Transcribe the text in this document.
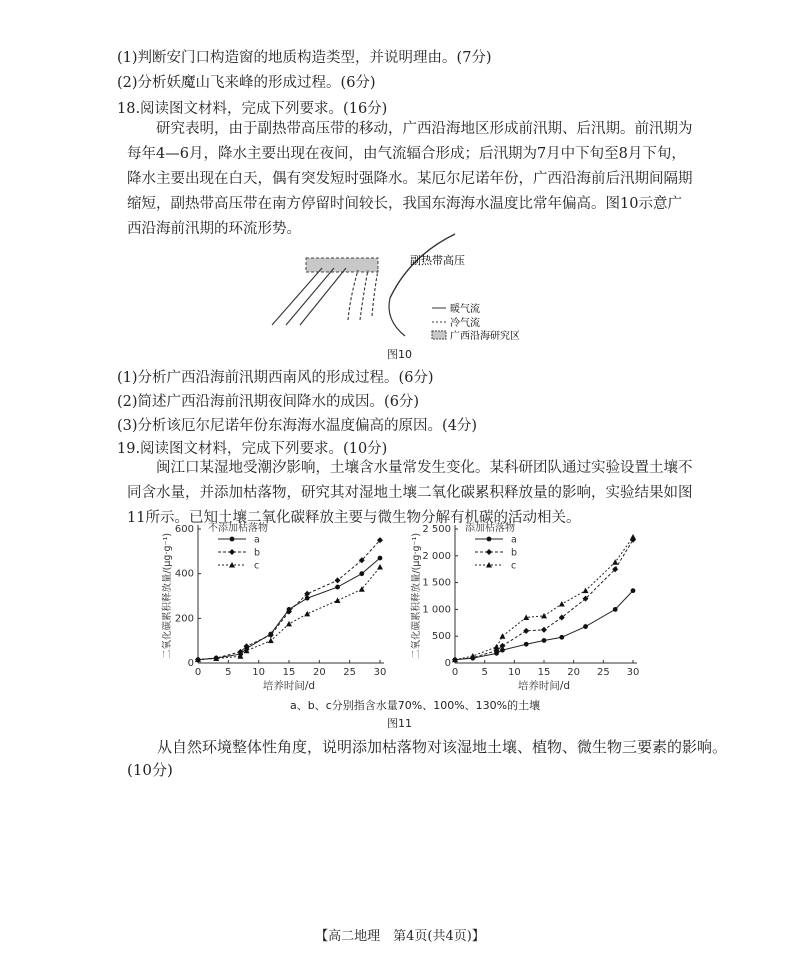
(1)判断安门口构造窗的地质构造类型，并说明理由。(7分)
(2)分析妖魔山飞来峰的形成过程。(6分)
18.阅读图文材料，完成下列要求。(16分)
研究表明，由于副热带高压带的移动，广西沿海地区形成前汛期、后汛期。前汛期为每年4—6月，降水主要出现在夜间，由气流辐合形成；后汛期为7月中下旬至8月下旬，降水主要出现在白天，偶有突发短时强降水。某厄尔尼诺年份，广西沿海前后汛期间隔期缩短，副热带高压带在南方停留时间较长，我国东海海水温度比常年偏高。图10示意广西沿海前汛期的环流形势。
副热带高压
暖气流
冷气流
广西沿海研究区
图10
(1)分析广西沿海前汛期西南风的形成过程。(6分)
(2)简述广西沿海前汛期夜间降水的成因。(6分)
(3)分析该厄尔尼诺年份东海海水温度偏高的原因。(4分)
19.阅读图文材料，完成下列要求。(10分)
闽江口某湿地受潮汐影响，土壤含水量常发生变化。某科研团队通过实验设置土壤不同含水量，并添加枯落物，研究其对湿地土壤二氧化碳累积释放量的影响，实验结果如图11所示。已知土壤二氧化碳释放主要与微生物分解有机碳的活动相关。
0 5 10 15 20 25 30
0
200
400
600 不添加枯落物
培养时间/d
二氧化碳累积释放量/(μg·g⁻¹)	a
b
c
0 5 10 15 20 25 30
0
500
1 000
1 500
2 000
2 500 添加枯落物
培养时间/d
二氧化碳累积释放量/(μg·g⁻¹)	a
b
c
a、b、c分别指含水量70%、100%、130%的土壤
图11
从自然环境整体性角度，说明添加枯落物对该湿地土壤、植物、微生物三要素的影响。
(10分)
【高二地理　第4页(共4页)】
